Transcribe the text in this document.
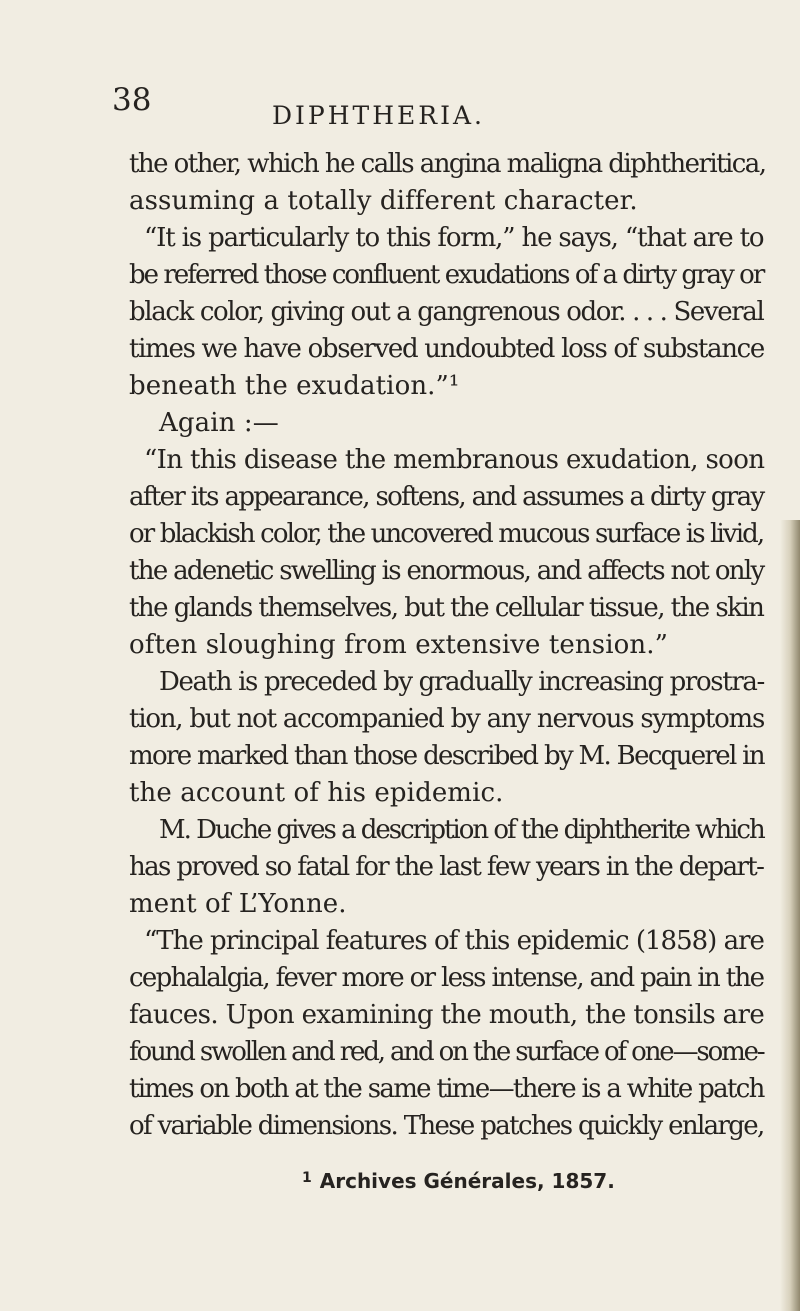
38	DIPHTHERIA.
the other, which he calls angina maligna diphtheritica,
assuming a totally different character.
“It is particularly to this form,” he says, “that are to
be referred those confluent exudations of a dirty gray or
black color, giving out a gangrenous odor. . . . Several
times we have observed undoubted loss of substance
beneath the exudation.”¹
Again :—
“In this disease the membranous exudation, soon
after its appearance, softens, and assumes a dirty gray
or blackish color, the uncovered mucous surface is livid,
the adenetic swelling is enormous, and affects not only
the glands themselves, but the cellular tissue, the skin
often sloughing from extensive tension.”
Death is preceded by gradually increasing prostra-
tion, but not accompanied by any nervous symptoms
more marked than those described by M. Becquerel in
the account of his epidemic.
M. Duche gives a description of the diphtherite which
has proved so fatal for the last few years in the depart-
ment of L’Yonne.
“The principal features of this epidemic (1858) are
cephalalgia, fever more or less intense, and pain in the
fauces. Upon examining the mouth, the tonsils are
found swollen and red, and on the surface of one—some-
times on both at the same time—there is a white patch
of variable dimensions. These patches quickly enlarge,
$^1$ Archives Générales, 1857.
